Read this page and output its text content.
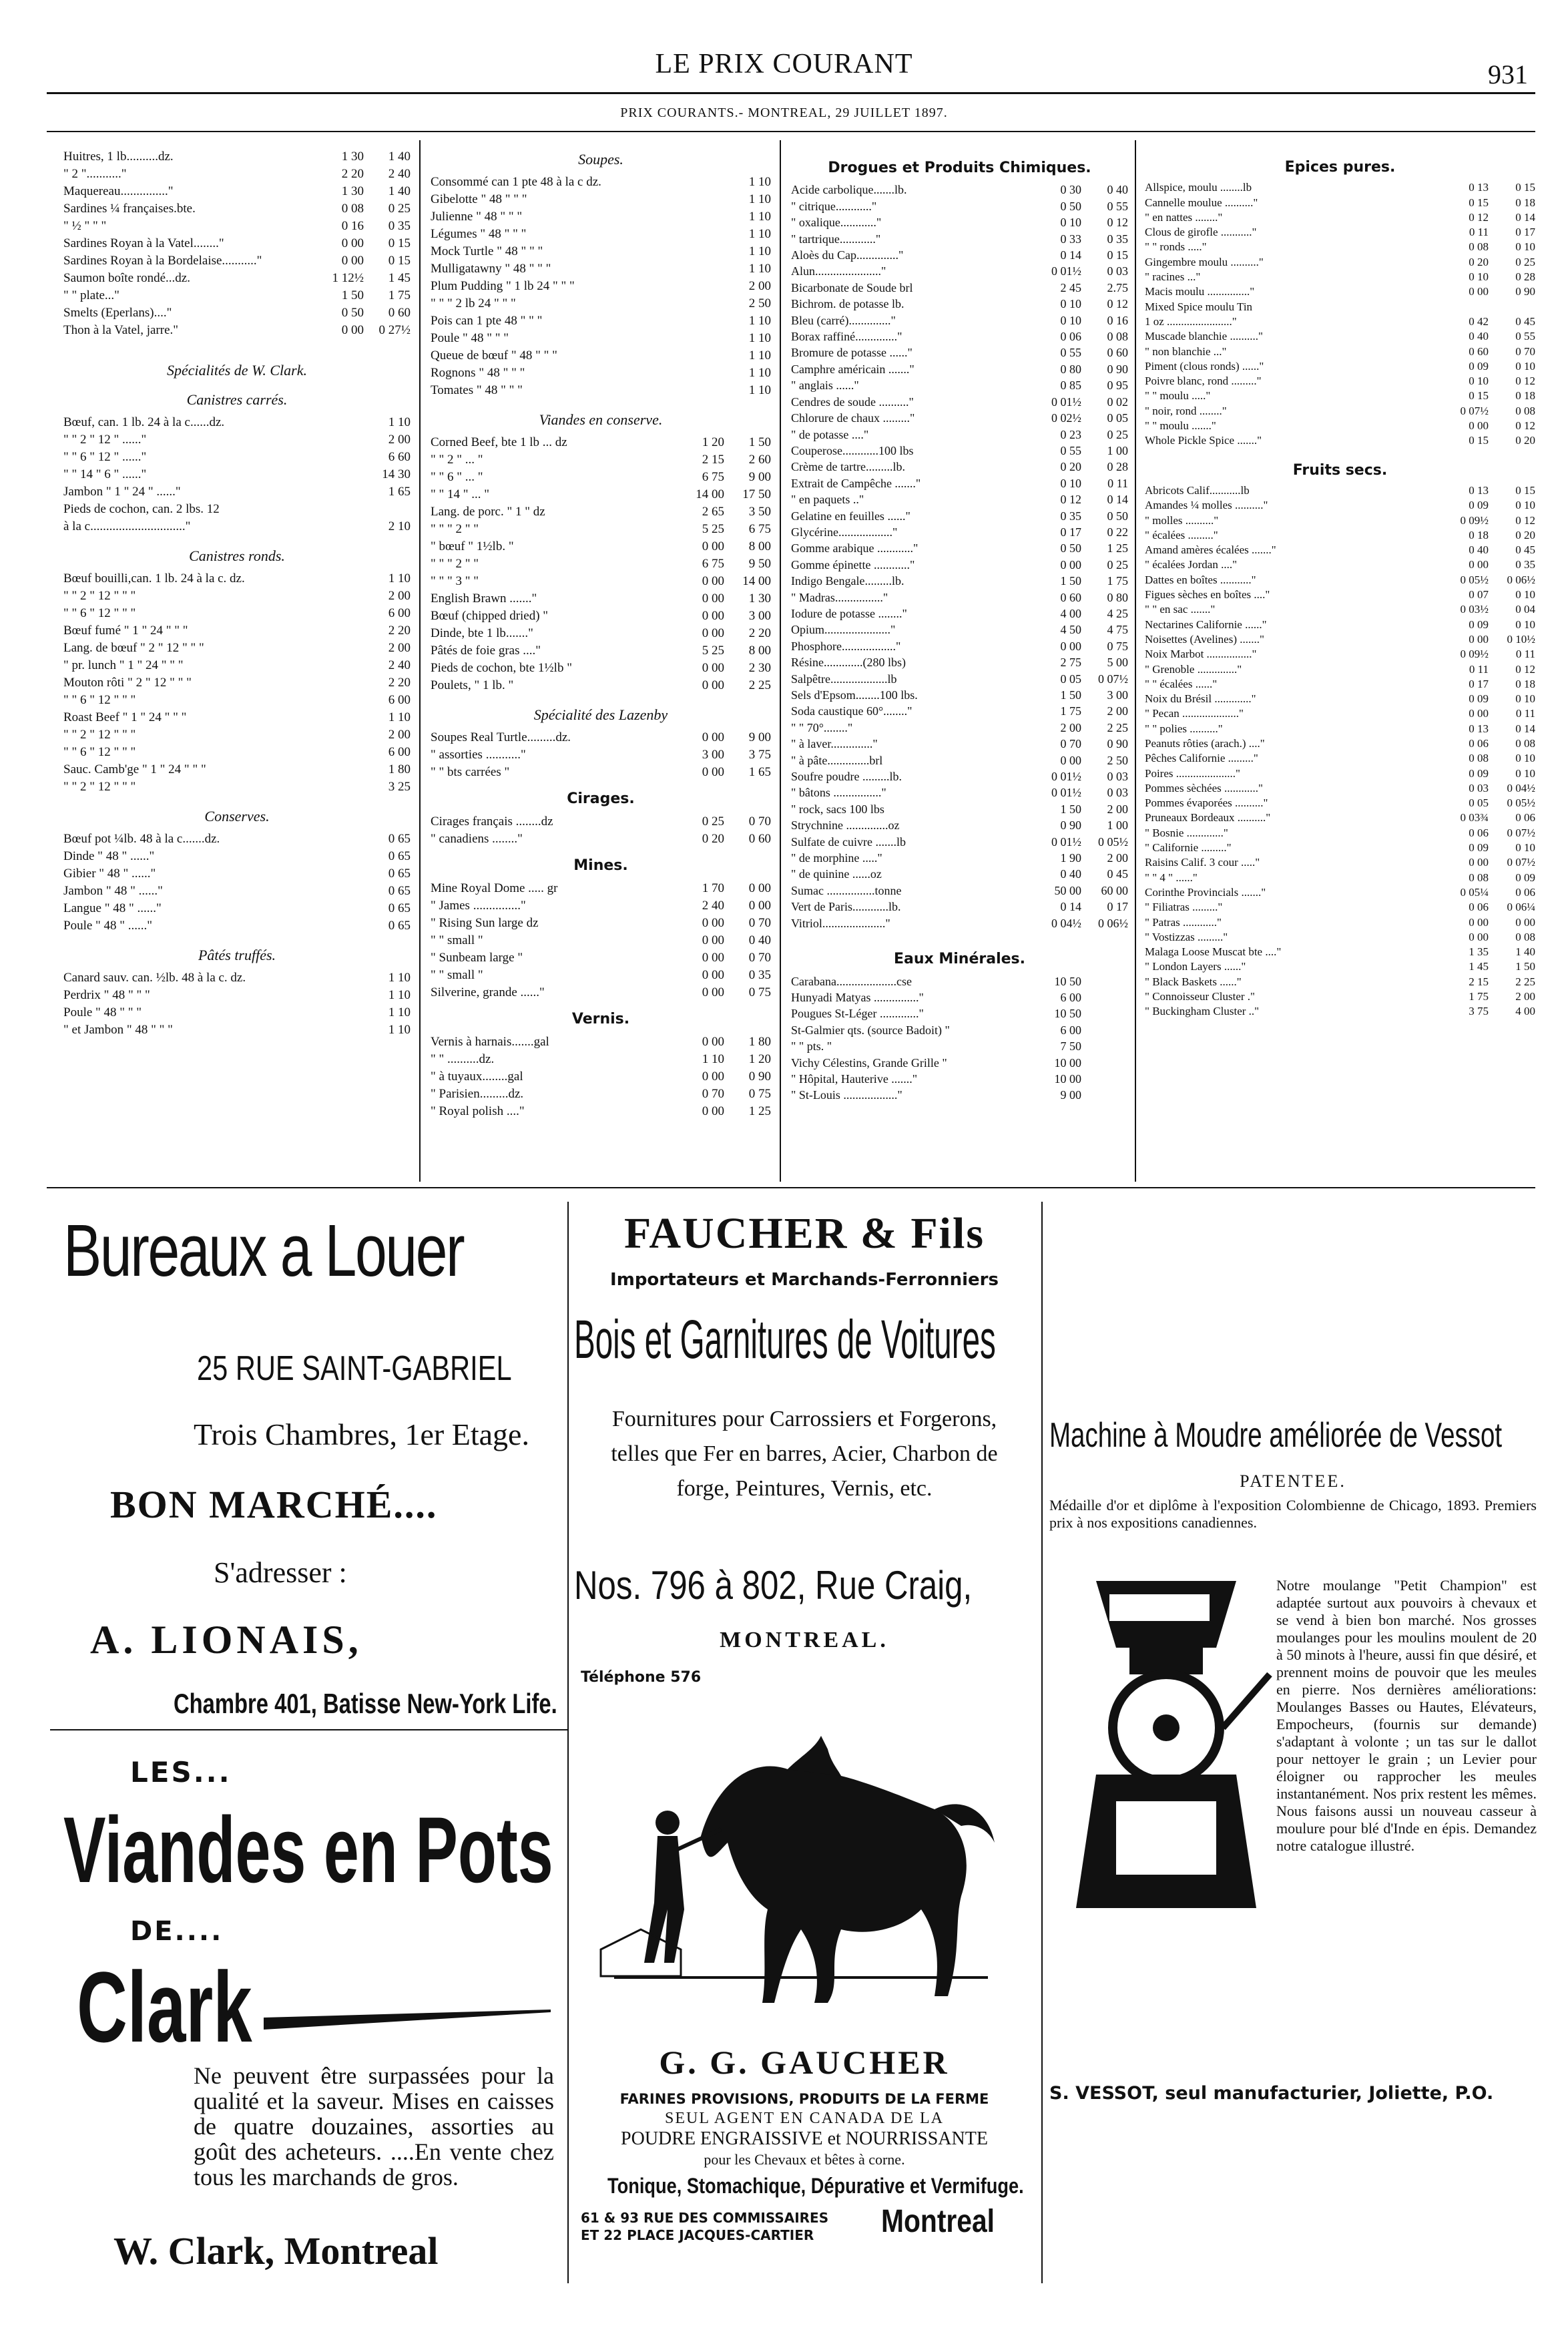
LE PRIX COURANT	931
PRIX COURANTS.- MONTREAL, 29 JUILLET 1897.
Huitres, 1 lb..........dz.	1 30	1 40
" 2 "..........."	2 20	2 40
Maquereau..............."	1 30	1 40
Sardines ¼ françaises.bte.	0 08	0 25
" ½ " " "	0 16	0 35
Sardines Royan à la Vatel........"	0 00	0 15
Sardines Royan à la Bordelaise..........."	0 00	0 15
Saumon boîte rondé...dz.	1 12½	1 45
" " plate..."	1 50	1 75
Smelts (Eperlans)...."	0 50	0 60
Thon à la Vatel, jarre."	0 00	0 27½
Spécialités de W. Clark.
Canistres carrés.
Bœuf, can. 1 lb. 24 à la c......dz.	1 10
" " 2 " 12 " ......"	2 00
" " 6 " 12 " ......"	6 60
" " 14 " 6 " ......"	14 30
Jambon " 1 " 24 " ......"	1 65
Pieds de cochon, can. 2 lbs. 12
à la c.............................."	2 10
Canistres ronds.
Bœuf bouilli,can. 1 lb. 24 à la c. dz.	1 10
" " 2 " 12 " " "	2 00
" " 6 " 12 " " "	6 00
Bœuf fumé " 1 " 24 " " "	2 20
Lang. de bœuf " 2 " 12 " " "	2 00
" pr. lunch " 1 " 24 " " "	2 40
Mouton rôti " 2 " 12 " " "	2 20
" " 6 " 12 " " "	6 00
Roast Beef " 1 " 24 " " "	1 10
" " 2 " 12 " " "	2 00
" " 6 " 12 " " "	6 00
Sauc. Camb'ge " 1 " 24 " " "	1 80
" " 2 " 12 " " "	3 25
Conserves.
Bœuf pot ¼lb. 48 à la c.......dz.	0 65
Dinde " 48 " ......"	0 65
Gibier " 48 " ......"	0 65
Jambon " 48 " ......"	0 65
Langue " 48 " ......"	0 65
Poule " 48 " ......"	0 65
Pâtés truffés.
Canard sauv. can. ½lb. 48 à la c. dz.	1 10
Perdrix " 48 " " "	1 10
Poule " 48 " " "	1 10
" et Jambon " 48 " " "	1 10
Soupes.
Consommé can 1 pte 48 à la c dz.	1 10
Gibelotte " 48 " " "	1 10
Julienne " 48 " " "	1 10
Légumes " 48 " " "	1 10
Mock Turtle " 48 " " "	1 10
Mulligatawny " 48 " " "	1 10
Plum Pudding " 1 lb 24 " " "	2 00
" " " 2 lb 24 " " "	2 50
Pois can 1 pte 48 " " "	1 10
Poule " 48 " " "	1 10
Queue de bœuf " 48 " " "	1 10
Rognons " 48 " " "	1 10
Tomates " 48 " " "	1 10
Viandes en conserve.
Corned Beef, bte 1 lb ... dz	1 20	1 50
" " 2 " ... "	2 15	2 60
" " 6 " ... "	6 75	9 00
" " 14 " ... "	14 00	17 50
Lang. de porc. " 1 " dz	2 65	3 50
" " " 2 " "	5 25	6 75
" bœuf " 1½lb. "	0 00	8 00
" " " 2 " "	6 75	9 50
" " " 3 " "	0 00	14 00
English Brawn ......."	0 00	1 30
Bœuf (chipped dried) "	0 00	3 00
Dinde, bte 1 lb......."	0 00	2 20
Pâtés de foie gras ...."	5 25	8 00
Pieds de cochon, bte 1½lb "	0 00	2 30
Poulets, " 1 lb. "	0 00	2 25
Spécialité des Lazenby
Soupes Real Turtle.........dz.	0 00	9 00
" assorties ..........."	3 00	3 75
" " bts carrées "	0 00	1 65
Cirages.
Cirages français ........dz	0 25	0 70
" canadiens ........"	0 20	0 60
Mines.
Mine Royal Dome ..... gr	1 70	0 00
" James ..............."	2 40	0 00
" Rising Sun large dz	0 00	0 70
" " small "	0 00	0 40
" Sunbeam large "	0 00	0 70
" " small "	0 00	0 35
Silverine, grande ......"	0 00	0 75
Vernis.
Vernis à harnais.......gal	0 00	1 80
" " ..........dz.	1 10	1 20
" à tuyaux........gal	0 00	0 90
" Parisien.........dz.	0 70	0 75
" Royal polish ...."	0 00	1 25
Drogues et Produits Chimiques.
Acide carbolique.......lb.	0 30	0 40
" citrique............"	0 50	0 55
" oxalique............"	0 10	0 12
" tartrique............"	0 33	0 35
Aloès du Cap.............."	0 14	0 15
Alun......................"	0 01½	0 03
Bicarbonate de Soude brl	2 45	2.75
Bichrom. de potasse lb.	0 10	0 12
Bleu (carré).............."	0 10	0 16
Borax raffiné.............."	0 06	0 08
Bromure de potasse ......"	0 55	0 60
Camphre américain ......."	0 80	0 90
" anglais ......"	0 85	0 95
Cendres de soude .........."	0 01½	0 02
Chlorure de chaux ........."	0 02½	0 05
" de potasse ...."	0 23	0 25
Couperose............100 lbs	0 55	1 00
Crème de tartre.........lb.	0 20	0 28
Extrait de Campêche ......."	0 10	0 11
" en paquets .."	0 12	0 14
Gelatine en feuilles ......"	0 35	0 50
Glycérine.................."	0 17	0 22
Gomme arabique ............"	0 50	1 25
Gomme épinette ............"	0 00	0 25
Indigo Bengale.........lb.	1 50	1 75
" Madras................"	0 60	0 80
Iodure de potasse ........"	4 00	4 25
Opium......................"	4 50	4 75
Phosphore.................."	0 00	0 75
Résine.............(280 lbs)	2 75	5 00
Salpêtre...................lb	0 05	0 07½
Sels d'Epsom........100 lbs.	1 50	3 00
Soda caustique 60°........"	1 75	2 00
" " 70°........"	2 00	2 25
" à laver.............."	0 70	0 90
" à pâte..............brl	0 00	2 50
Soufre poudre .........lb.	0 01½	0 03
" bâtons ................"	0 01½	0 03
" rock, sacs 100 lbs	1 50	2 00
Strychnine ..............oz	0 90	1 00
Sulfate de cuivre .......lb	0 01½	0 05½
" de morphine ....."	1 90	2 00
" de quinine ......oz	0 40	0 45
Sumac ................tonne	50 00	60 00
Vert de Paris............lb.	0 14	0 17
Vitriol....................."	0 04½	0 06½
Eaux Minérales.
Carabana....................cse	10 50
Hunyadi Matyas ..............."	6 00
Pougues St-Léger ............."	10 50
St-Galmier qts. (source Badoit) "	6 00
" " pts. "	7 50
Vichy Célestins, Grande Grille "	10 00
" Hôpital, Hauterive ......."	10 00
" St-Louis .................."	9 00
Epices pures.
Allspice, moulu ........lb	0 13	0 15
Cannelle moulue .........."	0 15	0 18
" en nattes ........"	0 12	0 14
Clous de girofle ..........."	0 11	0 17
" " ronds ....."	0 08	0 10
Gingembre moulu .........."	0 20	0 25
" racines ..."	0 10	0 28
Macis moulu ..............."	0 00	0 90
Mixed Spice moulu Tin
1 oz ......................."	0 42	0 45
Muscade blanchie .........."	0 40	0 55
" non blanchie ..."	0 60	0 70
Piment (clous ronds) ......"	0 09	0 10
Poivre blanc, rond ........."	0 10	0 12
" " moulu ....."	0 15	0 18
" noir, rond ........"	0 07½	0 08
" " moulu ......."	0 00	0 12
Whole Pickle Spice ......."	0 15	0 20
Fruits secs.
Abricots Calif...........lb	0 13	0 15
Amandes ¼ molles .........."	0 09	0 10
" molles .........."	0 09½	0 12
" écalées ........."	0 18	0 20
Amand amères écalées ......."	0 40	0 45
" écalées Jordan ...."	0 00	0 35
Dattes en boîtes ..........."	0 05½	0 06½
Figues sèches en boîtes ...."	0 07	0 10
" " en sac ......."	0 03½	0 04
Nectarines Californie ......"	0 09	0 10
Noisettes (Avelines) ......."	0 00	0 10½
Noix Marbot ................"	0 09½	0 11
" Grenoble .............."	0 11	0 12
" " écalées ......"	0 17	0 18
Noix du Brésil ............."	0 09	0 10
" Pecan ...................."	0 00	0 11
" " polies .........."	0 13	0 14
Peanuts rôties (arach.) ...."	0 06	0 08
Pêches Californie ........."	0 08	0 10
Poires ....................."	0 09	0 10
Pommes sèchées ............"	0 03	0 04½
Pommes évaporées .........."	0 05	0 05½
Pruneaux Bordeaux .........."	0 03¾	0 06
" Bosnie ............."	0 06	0 07½
" Californie ........."	0 09	0 10
Raisins Calif. 3 cour ....."	0 00	0 07½
" " 4 " ......"	0 08	0 09
Corinthe Provincials ......."	0 05¼	0 06
" Filiatras ........."	0 06	0 06¼
" Patras ............"	0 00	0 00
" Vostizzas ........."	0 00	0 08
Malaga Loose Muscat bte ...."	1 35	1 40
" London Layers ......"	1 45	1 50
" Black Baskets ......"	2 15	2 25
" Connoisseur Cluster ."	1 75	2 00
" Buckingham Cluster .."	3 75	4 00
Bureaux a Louer
25 RUE SAINT-GABRIEL
Trois Chambres, 1er Etage.
BON MARCHÉ....
S'adresser :
A. LIONAIS,
Chambre 401, Batisse New-York Life.
LES...
Viandes en Pots
DE....
Clark
Ne peuvent être surpassées pour la qualité et la saveur. Mises en caisses de quatre douzaines, assorties au goût des acheteurs. ....En vente chez tous les marchands de gros.
W. Clark, Montreal
FAUCHER & Fils
Importateurs et Marchands-Ferronniers
Bois et Garnitures de Voitures
Fournitures pour Carrossiers et Forgerons, telles que Fer en barres, Acier, Charbon de forge, Peintures, Vernis, etc.
Nos. 796 à 802, Rue Craig,
MONTREAL.
Téléphone 576
G. G. GAUCHER
FARINES PROVISIONS, PRODUITS DE LA FERME
SEUL AGENT EN CANADA DE LA
POUDRE ENGRAISSIVE et NOURRISSANTE
pour les Chevaux et bêtes à corne.
Tonique, Stomachique, Dépurative et Vermifuge.
61 & 93 RUE DES COMMISSAIRES
ET 22 PLACE JACQUES-CARTIER Montreal
Machine à Moudre améliorée de Vessot
PATENTEE.
Médaille d'or et diplôme à l'exposition Colombienne de Chicago, 1893. Premiers prix à nos expositions canadiennes.
Notre moulange "Petit Champion" est adaptée surtout aux pouvoirs à chevaux et se vend à bien bon marché. Nos grosses moulanges pour les moulins moulent de 20 à 50 minots à l'heure, aussi fin que désiré, et prennent moins de pouvoir que les meules en pierre. Nos dernières améliorations: Moulanges Basses ou Hautes, Elévateurs, Empocheurs, (fournis sur demande) s'adaptant à volonte ; un tas sur le dallot pour nettoyer le grain ; un Levier pour éloigner ou rapprocher les meules instantanément. Nos prix restent les mêmes. Nous faisons aussi un nouveau casseur à moulure pour blé d'Inde en épis. Demandez notre catalogue illustré.
S. VESSOT, seul manufacturier, Joliette, P.O.
